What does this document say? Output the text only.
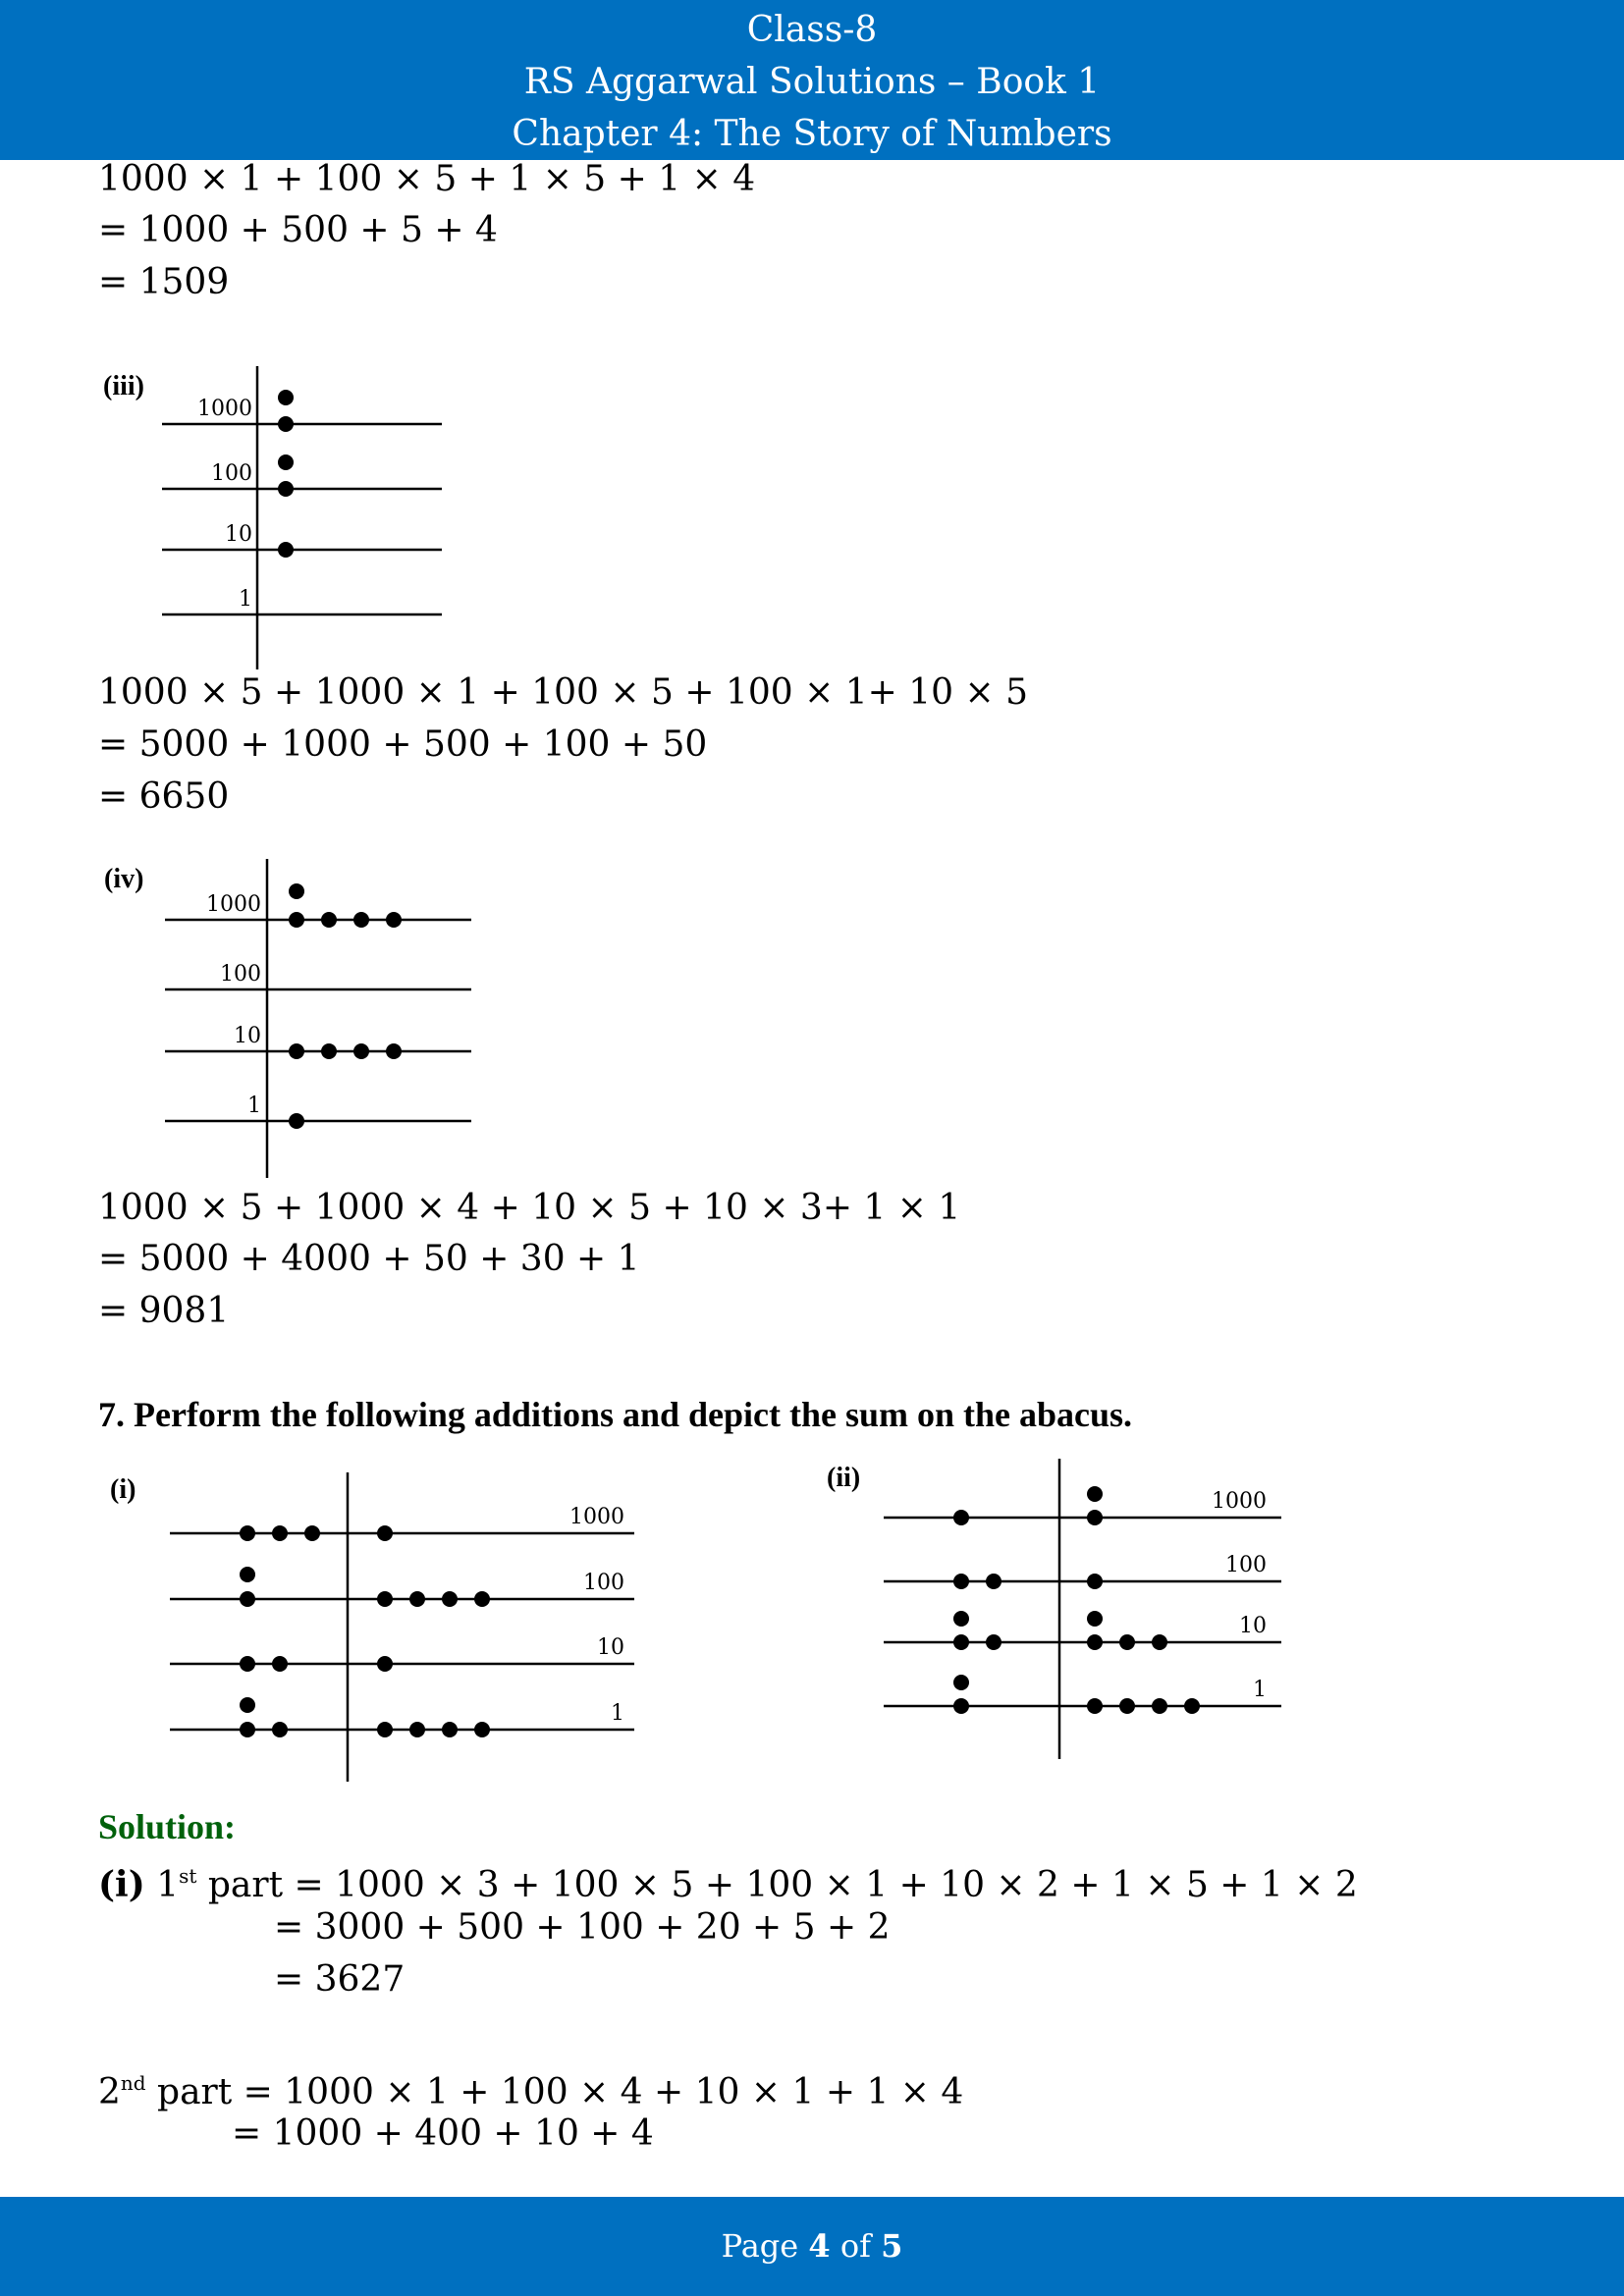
Class-8
RS Aggarwal Solutions – Book 1
Chapter 4: The Story of Numbers
1000 × 1 + 100 × 5 + 1 × 5 + 1 × 4
= 1000 + 500 + 5 + 4
= 1509
(iii)
1000
100
10
1
1000 × 5 + 1000 × 1 + 100 × 5 + 100 × 1+ 10 × 5
= 5000 + 1000 + 500 + 100 + 50
= 6650
(iv)
1000
100
10
1
1000 × 5 + 1000 × 4 + 10 × 5 + 10 × 3+ 1 × 1
= 5000 + 4000 + 50 + 30 + 1
= 9081
7. Perform the following additions and depict the sum on the abacus.
(i)
1000
100
10
1
(ii)
1000
100
10
1
Solution:
(i) 1st part = 1000 × 3 + 100 × 5 + 100 × 1 + 10 × 2 + 1 × 5 + 1 × 2
= 3000 + 500 + 100 + 20 + 5 + 2
= 3627
2nd part = 1000 × 1 + 100 × 4 + 10 × 1 + 1 × 4
= 1000 + 400 + 10 + 4
Page 4 of 5
